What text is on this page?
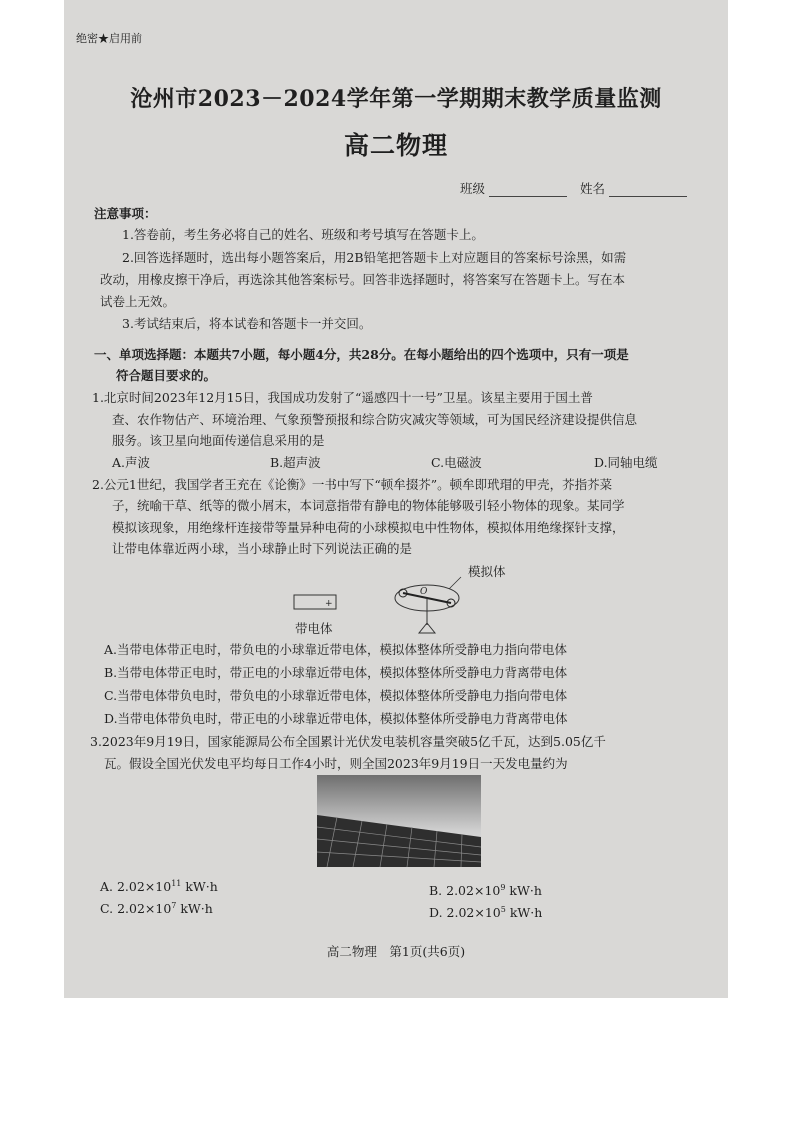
绝密★启用前
沧州市2023－2024学年第一学期期末教学质量监测
高二物理
班级	姓名
注意事项：
1.答卷前，考生务必将自己的姓名、班级和考号填写在答题卡上。
2.回答选择题时，选出每小题答案后，用2B铅笔把答题卡上对应题目的答案标号涂黑，如需
改动，用橡皮擦干净后，再选涂其他答案标号。回答非选择题时，将答案写在答题卡上。写在本
试卷上无效。
3.考试结束后，将本试卷和答题卡一并交回。
一、单项选择题：本题共7小题，每小题4分，共28分。在每小题给出的四个选项中，只有一项是
符合题目要求的。
1.北京时间2023年12月15日，我国成功发射了“遥感四十一号”卫星。该星主要用于国土普
查、农作物估产、环境治理、气象预警预报和综合防灾减灾等领域，可为国民经济建设提供信息
服务。该卫星向地面传递信息采用的是
A.声波	B.超声波	C.电磁波	D.同轴电缆
2.公元1世纪，我国学者王充在《论衡》一书中写下“顿牟掇芥”。顿牟即玳瑁的甲壳，芥指芥菜
子，统喻干草、纸等的微小屑末，本词意指带有静电的物体能够吸引轻小物体的现象。某同学
模拟该现象，用绝缘杆连接带等量异种电荷的小球模拟电中性物体，模拟体用绝缘探针支撑，
让带电体靠近两小球，当小球静止时下列说法正确的是
+
O
模拟体
带电体
A.当带电体带正电时，带负电的小球靠近带电体，模拟体整体所受静电力指向带电体
B.当带电体带正电时，带正电的小球靠近带电体，模拟体整体所受静电力背离带电体
C.当带电体带负电时，带负电的小球靠近带电体，模拟体整体所受静电力指向带电体
D.当带电体带负电时，带正电的小球靠近带电体，模拟体整体所受静电力背离带电体
3.2023年9月19日，国家能源局公布全国累计光伏发电装机容量突破5亿千瓦，达到5.05亿千
瓦。假设全国光伏发电平均每日工作4小时，则全国2023年9月19日一天发电量约为
A. $2.02\times 10^{11}$ kW·h	B. $2.02\times 10^9$ kW·h
C. $2.02\times 10^7$ kW·h	D. $2.02\times 10^5$ kW·h
高二物理　第1页(共6页)
